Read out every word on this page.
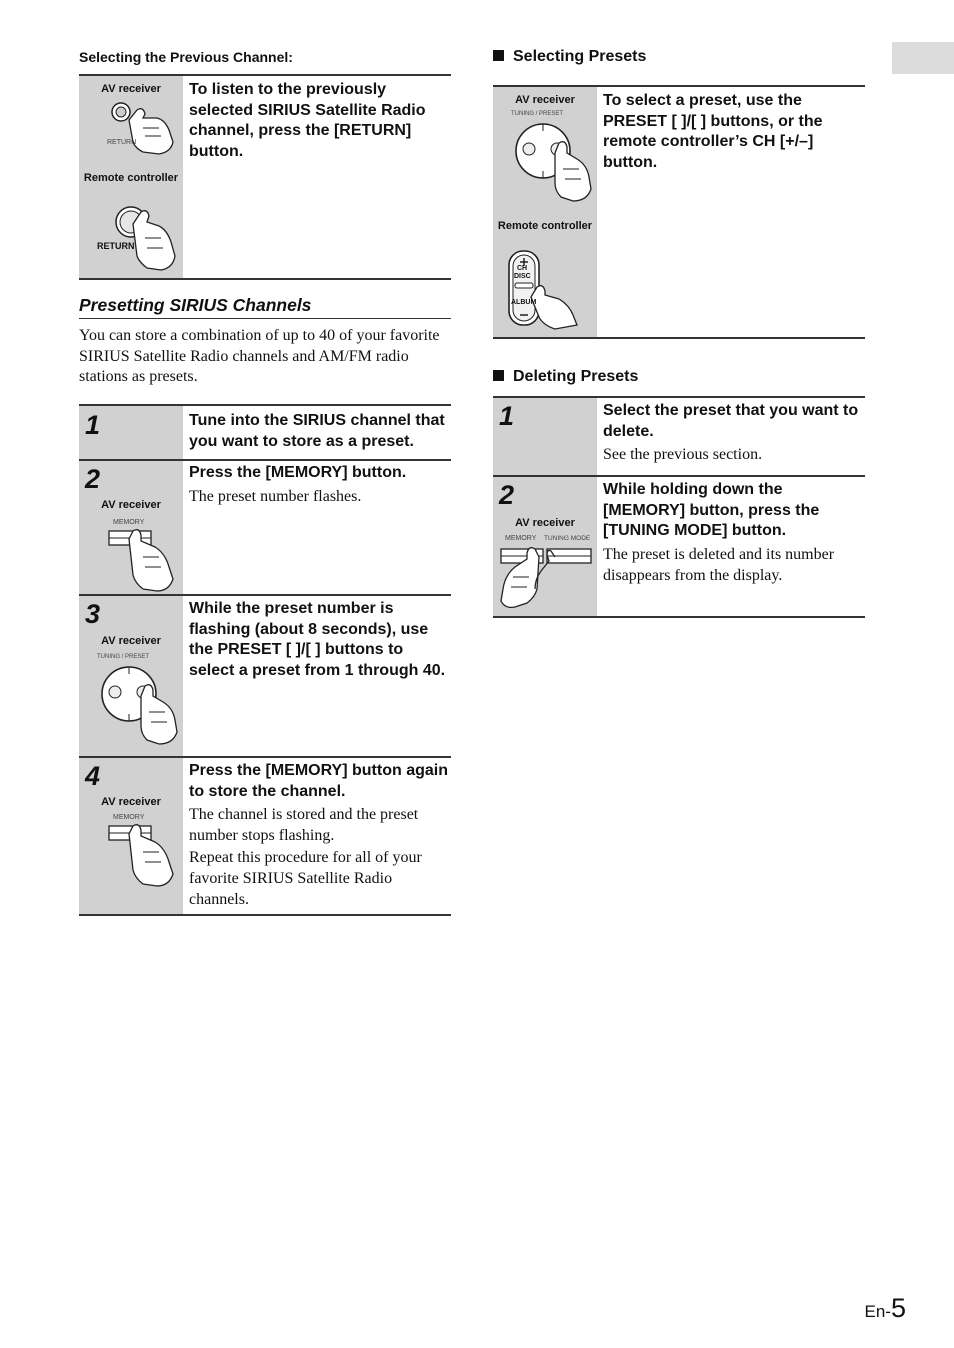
Selecting the Previous Channel:
AV receiver
RETURN
Remote controller
RETURN
To listen to the previously selected SIRIUS Satellite Radio channel, press the [RETURN] button.
Presetting SIRIUS Channels
You can store a combination of up to 40 of your favorite SIRIUS Satellite Radio channels and AM/FM radio stations as presets.
1	Tune into the SIRIUS channel that you want to store as a preset.
AV receiver
MEMORY
2	Press the [MEMORY] button.
The preset number flashes.
AV receiver
TUNING / PRESET
3	While the preset number is flashing (about 8 seconds), use the PRESET [ ]/[ ] buttons to select a preset from 1 through 40.
AV receiver
MEMORY
4	Press the [MEMORY] button again to store the channel.
The channel is stored and the preset number stops flashing.
Repeat this procedure for all of your favorite SIRIUS Satellite Radio channels.
Selecting Presets
AV receiver
TUNING / PRESET
Remote controller
CH
DISC
ALBUM
To select a preset, use the PRESET [ ]/[ ] buttons, or the remote controller’s CH [+/–] button.
Deleting Presets
1	Select the preset that you want to delete.
See the previous section.
AV receiver
MEMORY TUNING MODE
2	While holding down the [MEMORY] button, press the [TUNING MODE] button.
The preset is deleted and its number disappears from the display.
En-5
